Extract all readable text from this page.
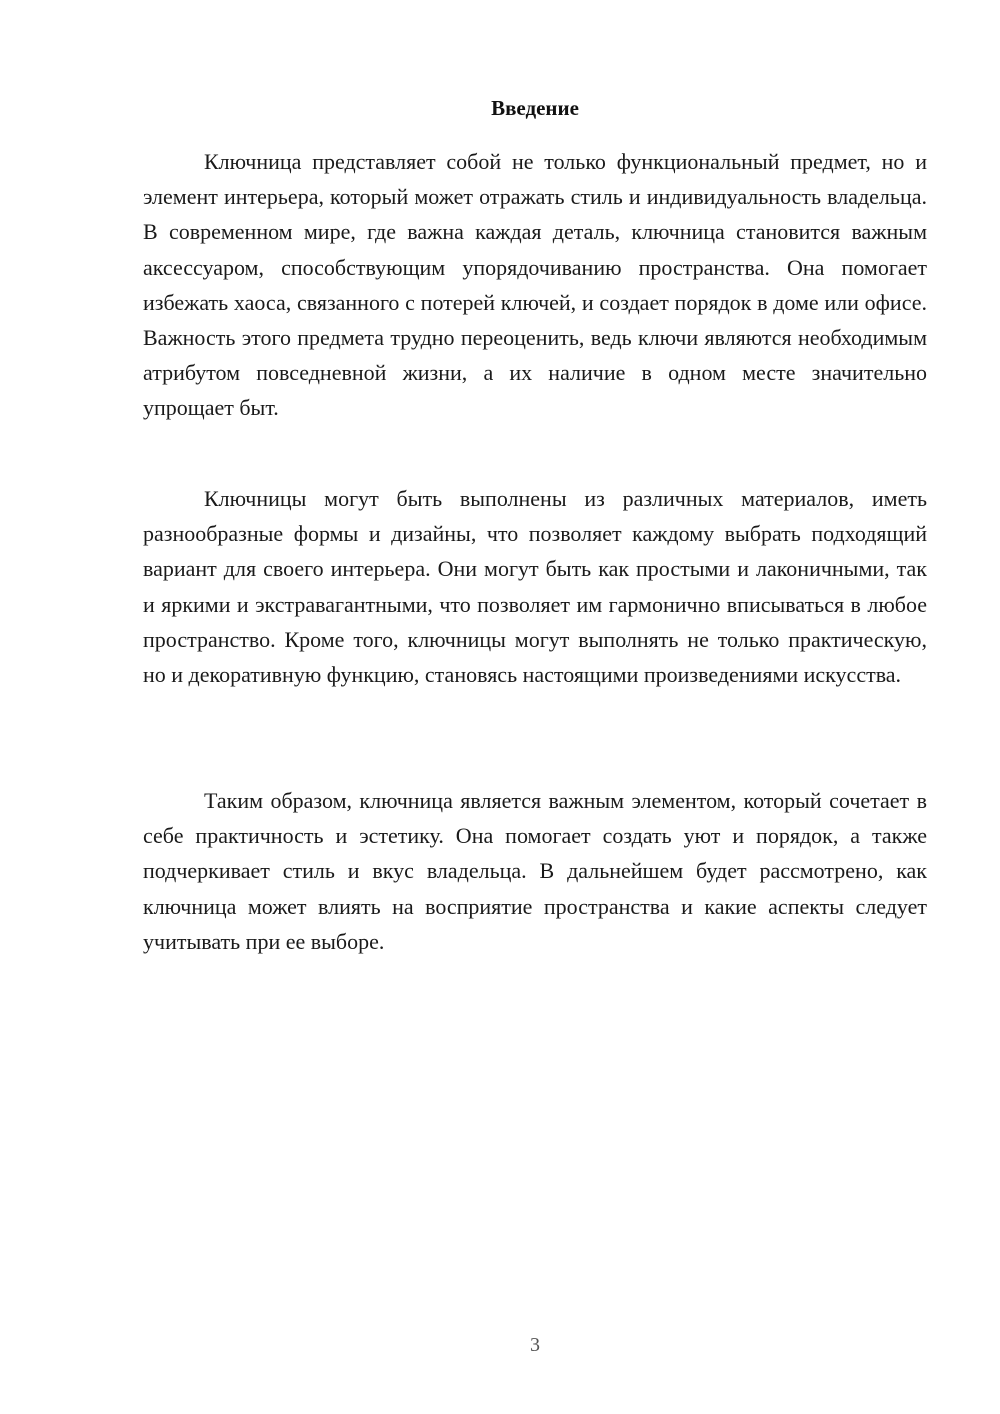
Введение

Ключница представляет собой не только функциональный предмет, но и элемент интерьера, который может отражать стиль и индивидуальность владельца. В современном мире, где важна каждая деталь, ключница становится важным аксессуаром, способствующим упорядочиванию пространства. Она помогает избежать хаоса, связанного с потерей ключей, и создает порядок в доме или офисе. Важность этого предмета трудно переоценить, ведь ключи являются необходимым атрибутом повседневной жизни, а их наличие в одном месте значительно упрощает быт.

Ключницы могут быть выполнены из различных материалов, иметь разнообразные формы и дизайны, что позволяет каждому выбрать подходящий вариант для своего интерьера. Они могут быть как простыми и лаконичными, так и яркими и экстравагантными, что позволяет им гармонично вписываться в любое пространство. Кроме того, ключницы могут выполнять не только практическую, но и декоративную функцию, становясь настоящими произведениями искусства.

Таким образом, ключница является важным элементом, который сочетает в себе практичность и эстетику. Она помогает создать уют и порядок, а также подчеркивает стиль и вкус владельца. В дальнейшем будет рассмотрено, как ключница может влиять на восприятие пространства и какие аспекты следует учитывать при ее выборе.

3
